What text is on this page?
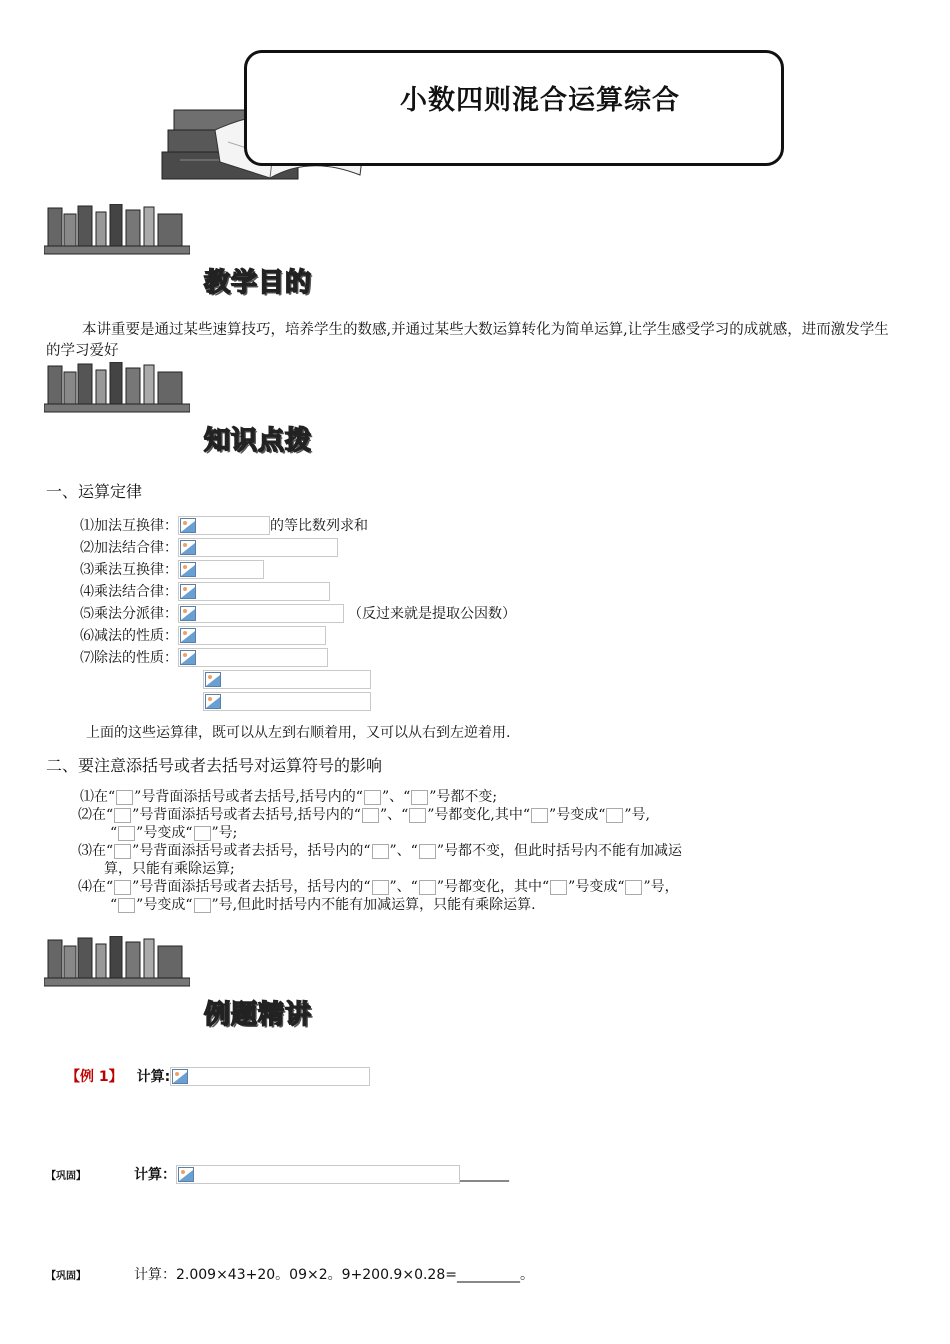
小数四则混合运算综合
教学目的
本讲重要是通过某些速算技巧，培养学生的数感,并通过某些大数运算转化为简单运算,让学生感受学习的成就感，进而激发学生的学习爱好
知识点拨
一、运算定律
⑴加法互换律：	的等比数列求和
⑵加法结合律：
⑶乘法互换律：
⑷乘法结合律：
⑸乘法分派律：	（反过来就是提取公因数）
⑹减法的性质：
⑺除法的性质：
上面的这些运算律，既可以从左到右顺着用，又可以从右到左逆着用.
二、要注意添括号或者去括号对运算符号的影响
⑴在“ ”号背面添括号或者去括号,括号内的“ ”、“ ”号都不变;
⑵在“ ”号背面添括号或者去括号,括号内的“ ”、“ ”号都变化,其中“ ”号变成“ ”号,
“ ”号变成“ ”号;
⑶在“ ”号背面添括号或者去括号，括号内的“ ”、“ ”号都不变，但此时括号内不能有加减运
算，只能有乘除运算;
⑷在“ ”号背面添括号或者去括号，括号内的“ ”、“ ”号都变化，其中“ ”号变成“ ”号，
“ ”号变成“ ”号,但此时括号内不能有加减运算，只能有乘除运算.
例题精讲
【例 1】 计算:
【巩固】	计算：	_______
【巩固】	计算：2.009×43+20。09×2。9+200.9×0.28=_________。
